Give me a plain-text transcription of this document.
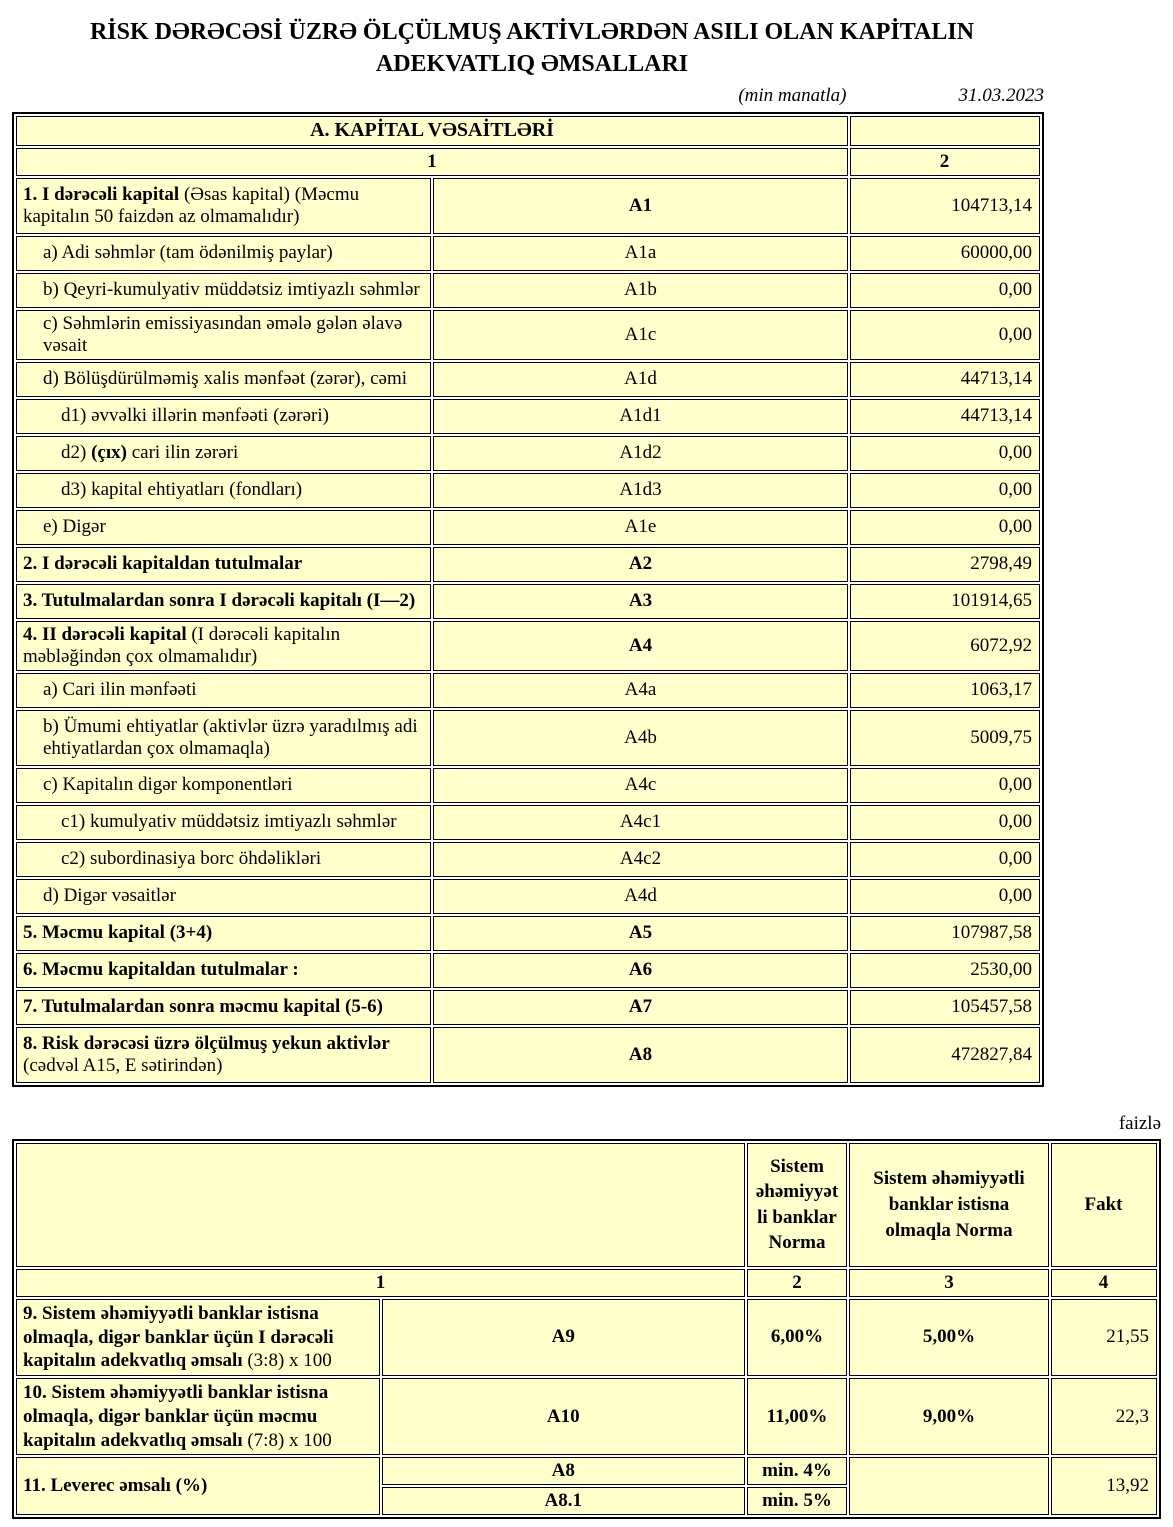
RİSK DƏRƏCƏSİ ÜZRƏ ÖLÇÜLMUŞ AKTİVLƏRDƏN ASILI OLAN KAPİTALIN
ADEKVATLIQ ƏMSALLARI
(min manatla)	31.03.2023
A. KAPİTAL VƏSAİTLƏRİ		
1		2
1. I dərəcəli kapital (Əsas kapital) (Məcmu kapitalın 50 faizdən az olmamalıdır)	A1	104713,14
a) Adi səhmlər (tam ödənilmiş paylar)	A1a	60000,00
b) Qeyri-kumulyativ müddətsiz imtiyazlı səhmlər	A1b	0,00
c) Səhmlərin emissiyasından əmələ gələn əlavə vəsait	A1c	0,00
d) Bölüşdürülməmiş xalis mənfəət (zərər), cəmi	A1d	44713,14
d1) əvvəlki illərin mənfəəti (zərəri)	A1d1	44713,14
d2) (çıx) cari ilin zərəri	A1d2	0,00
d3) kapital ehtiyatları (fondları)	A1d3	0,00
e) Digər	A1e	0,00
2. I dərəcəli kapitaldan tutulmalar	A2	2798,49
3. Tutulmalardan sonra I dərəcəli kapitalı (I—2)	A3	101914,65
4. II dərəcəli kapital (I dərəcəli kapitalın məbləğindən çox olmamalıdır)	A4	6072,92
a) Cari ilin mənfəəti	A4a	1063,17
b) Ümumi ehtiyatlar (aktivlər üzrə yaradılmış adi ehtiyatlardan çox olmamaqla)	A4b	5009,75
c) Kapitalın digər komponentləri	A4c	0,00
c1) kumulyativ müddətsiz imtiyazlı səhmlər	A4c1	0,00
c2) subordinasiya borc öhdəlikləri	A4c2	0,00
d) Digər vəsaitlər	A4d	0,00
5. Məcmu kapital (3+4)	A5	107987,58
6. Məcmu kapitaldan tutulmalar :	A6	2530,00
7. Tutulmalardan sonra məcmu kapital (5-6)	A7	105457,58
8. Risk dərəcəsi üzrə ölçülmuş yekun aktivlər (cədvəl A15, E sətirindən)	A8	472827,84
faizlə
		Sistem əhəmiyyətli banklar Norma	Sistem əhəmiyyətli banklar istisna olmaqla Norma	Fakt
1		2	3	4
9. Sistem əhəmiyyətli banklar istisna olmaqla, digər banklar üçün I dərəcəli kapitalın adekvatlıq əmsalı (3:8) x 100	A9	6,00%	5,00%	21,55
10. Sistem əhəmiyyətli banklar istisna olmaqla, digər banklar üçün məcmu kapitalın adekvatlıq əmsalı (7:8) x 100	A10	11,00%	9,00%	22,3
11. Leverec əmsalı (%)	A8	min. 4%		13,92
	A8.1	min. 5%		
